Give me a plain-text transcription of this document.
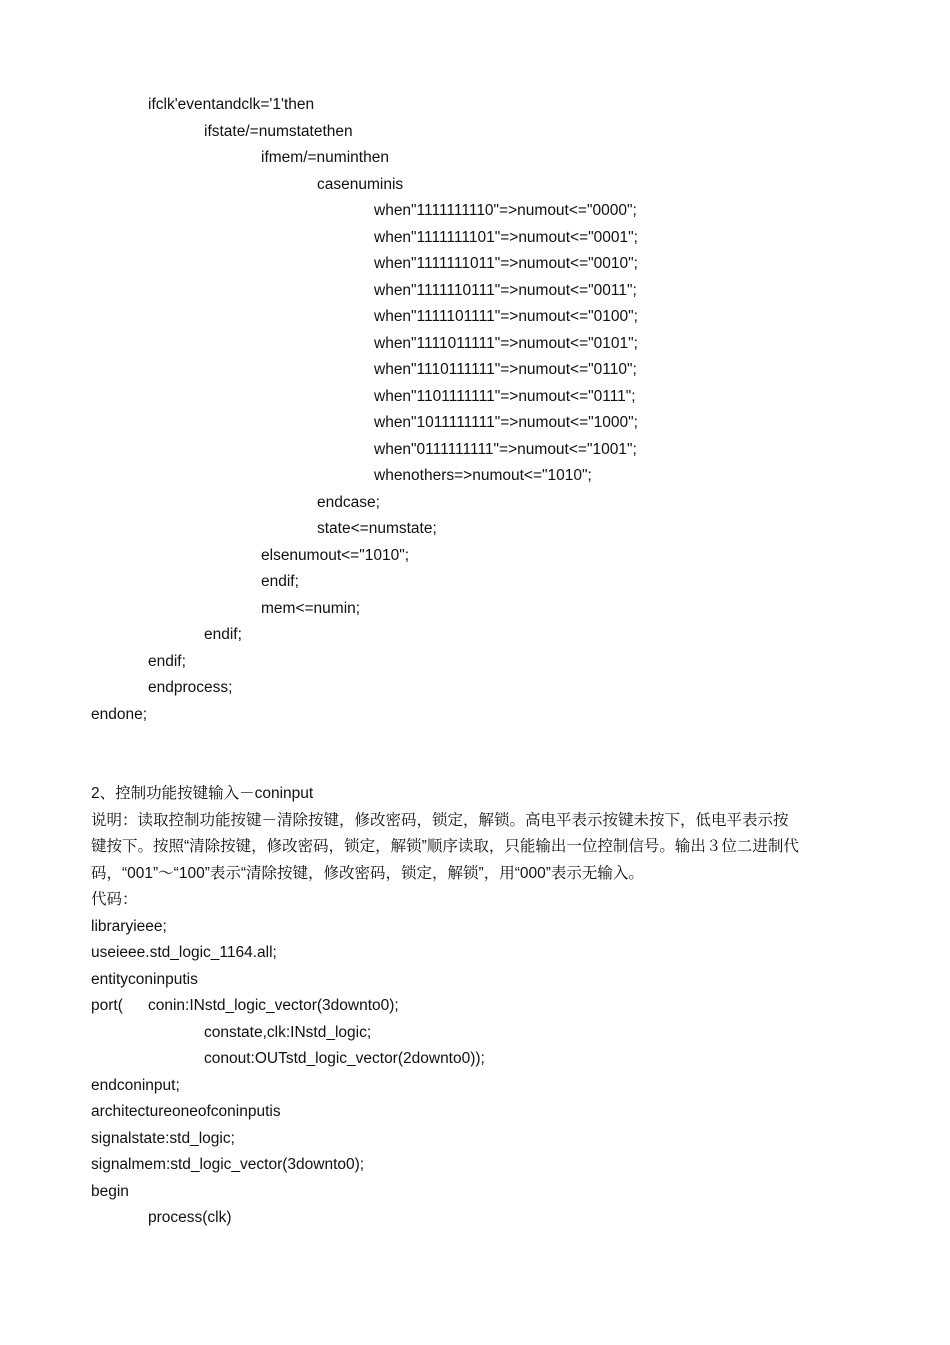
ifclk'eventandclk='1'then
ifstate/=numstatethen
ifmem/=numinthen
casenuminis
when"1111111110"=>numout<="0000";
when"1111111101"=>numout<="0001";
when"1111111011"=>numout<="0010";
when"1111110111"=>numout<="0011";
when"1111101111"=>numout<="0100";
when"1111011111"=>numout<="0101";
when"1110111111"=>numout<="0110";
when"1101111111"=>numout<="0111";
when"1011111111"=>numout<="1000";
when"0111111111"=>numout<="1001";
whenothers=>numout<="1010";
endcase;
state<=numstate;
elsenumout<="1010";
endif;
mem<=numin;
endif;
endif;
endprocess;
endone;
2、控制功能按键输入－coninput
说明：读取控制功能按键－清除按键，修改密码，锁定，解锁。高电平表示按键未按下，低电平表示按
键按下。按照“清除按键，修改密码，锁定，解锁”顺序读取，只能输出一位控制信号。输出３位二进制代
码，“001”～“100”表示“清除按键，修改密码，锁定，解锁”，用“000”表示无输入。
代码：
libraryieee;
useieee.std_logic_1164.all;
entityconinputis
port( conin:INstd_logic_vector(3downto0);
constate,clk:INstd_logic;
conout:OUTstd_logic_vector(2downto0));
endconinput;
architectureoneofconinputis
signalstate:std_logic;
signalmem:std_logic_vector(3downto0);
begin
process(clk)
